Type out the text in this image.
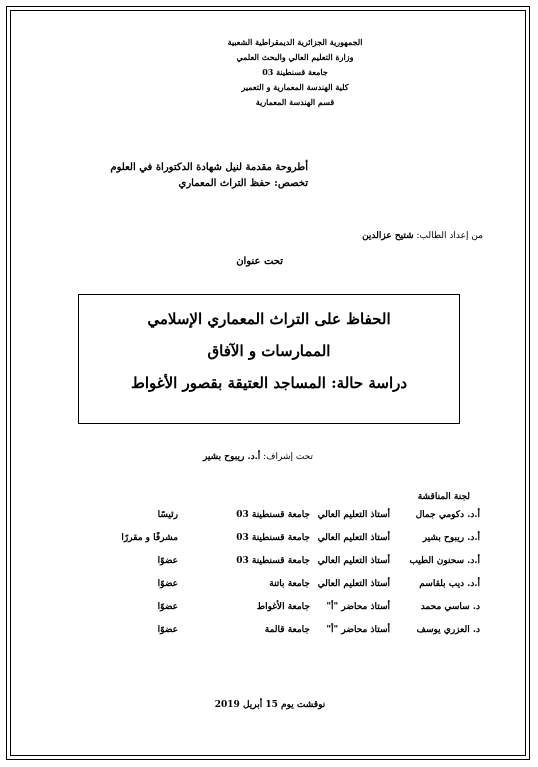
الجمهورية الجزائرية الديمقراطية الشعبية
وزارة التعليم العالي والبحث العلمي
جامعة قسنطينة 03
كلية الهندسة المعمارية و التعمير
قسم الهندسة المعمارية
أطروحة مقدمة لنيل شهادة الدكتوراة في العلوم
تخصص: حفظ التراث المعماري
من إعداد الطالب: شتيح عزالدين
تحت عنوان
الحفاظ على التراث المعماري الإسلامي
الممارسات و الآفاق
دراسة حالة: المساجد العتيقة بقصور الأغواط
تحت إشراف: أ.د. ريبوح بشير
لجنة المناقشة
أ.د. دكومي جمال
أستاذ التعليم العالي
جامعة قسنطينة 03
رئيسًا
أ.د. ريبوح بشير
أستاذ التعليم العالي
جامعة قسنطينة 03
مشرفًا و مقررًا
أ.د. سحنون الطيب
أستاذ التعليم العالي
جامعة قسنطينة 03
عضوًا
أ.د. ديب بلقاسم
أستاذ التعليم العالي
جامعة باتنة
عضوًا
د. ساسي محمد
أستاذ محاضر "أ"
جامعة الأغواط
عضوًا
د. العزري يوسف
أستاذ محاضر "أ"
جامعة قالمة
عضوًا
نوقشت يوم 15 أبريل 2019
